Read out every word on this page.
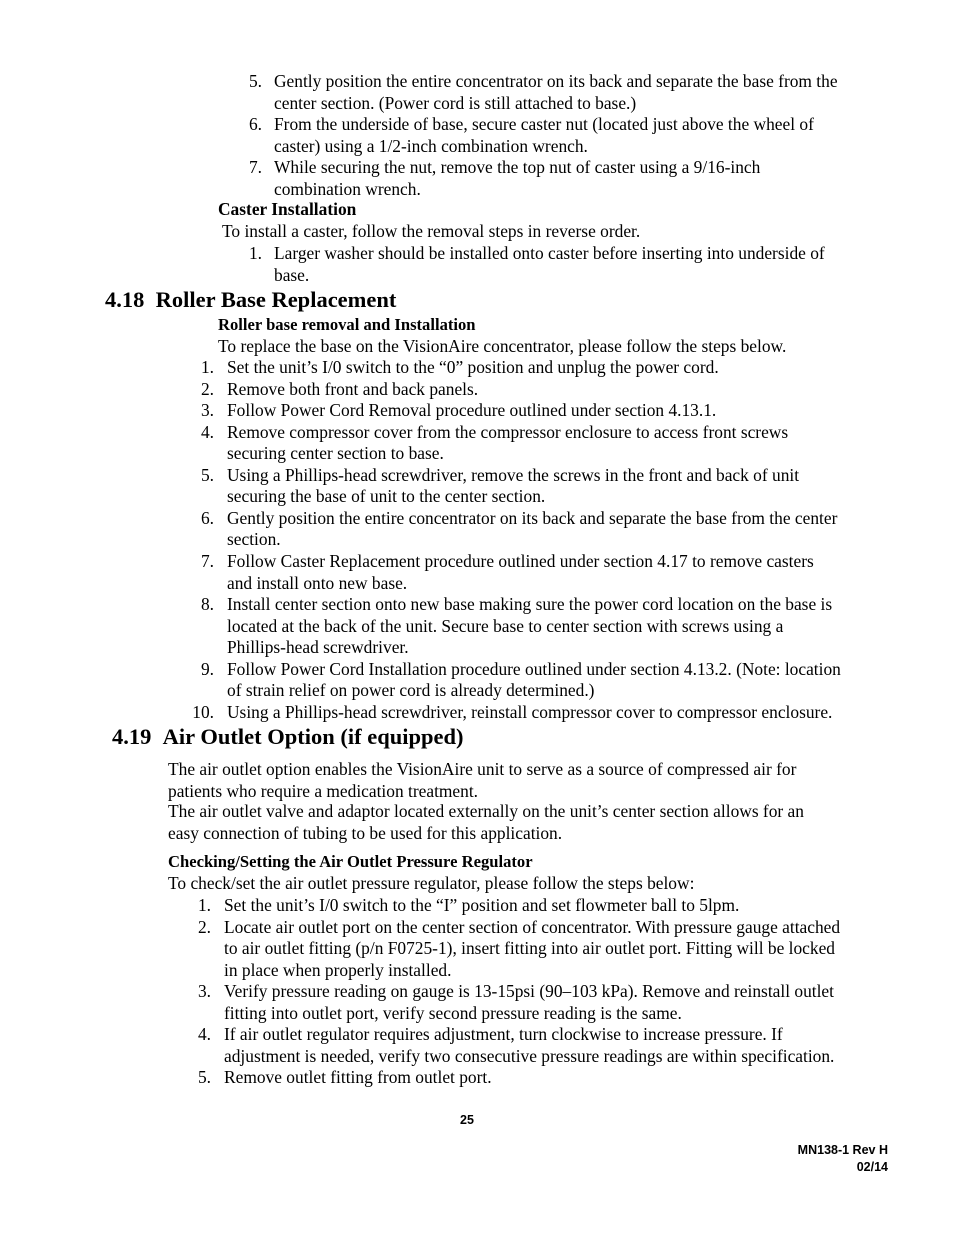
5. Gently position the entire concentrator on its back and separate the base from the
center section. (Power cord is still attached to base.)
6. From the underside of base, secure caster nut (located just above the wheel of
caster) using a 1/2-inch combination wrench.
7. While securing the nut, remove the top nut of caster using a 9/16-inch
combination wrench.

Caster Installation

To install a caster, follow the removal steps in reverse order.

1. Larger washer should be installed onto caster before inserting into underside of
base.
4.18 Roller Base Replacement

Roller base removal and Installation

To replace the base on the VisionAire concentrator, please follow the steps below.

1. Set the unit’s I/0 switch to the “0” position and unplug the power cord.
2. Remove both front and back panels.
3. Follow Power Cord Removal procedure outlined under section 4.13.1.
4. Remove compressor cover from the compressor enclosure to access front screws
securing center section to base.
5. Using a Phillips-head screwdriver, remove the screws in the front and back of unit
securing the base of unit to the center section.
6. Gently position the entire concentrator on its back and separate the base from the center
section.
7. Follow Caster Replacement procedure outlined under section 4.17 to remove casters
and install onto new base.
8. Install center section onto new base making sure the power cord location on the base is
located at the back of the unit. Secure base to center section with screws using a
Phillips-head screwdriver.
9. Follow Power Cord Installation procedure outlined under section 4.13.2. (Note: location
of strain relief on power cord is already determined.)
10. Using a Phillips-head screwdriver, reinstall compressor cover to compressor enclosure.
4.19 Air Outlet Option (if equipped)
The air outlet option enables the VisionAire unit to serve as a source of compressed air for
patients who require a medication treatment.
The air outlet valve and adaptor located externally on the unit’s center section allows for an
easy connection of tubing to be used for this application.

Checking/Setting the Air Outlet Pressure Regulator

To check/set the air outlet pressure regulator, please follow the steps below:

1. Set the unit’s I/0 switch to the “I” position and set flowmeter ball to 5lpm.
2. Locate air outlet port on the center section of concentrator. With pressure gauge attached
to air outlet fitting (p/n F0725-1), insert fitting into air outlet port. Fitting will be locked
in place when properly installed.
3. Verify pressure reading on gauge is 13-15psi (90–103 kPa). Remove and reinstall outlet
fitting into outlet port, verify second pressure reading is the same.
4. If air outlet regulator requires adjustment, turn clockwise to increase pressure. If
adjustment is needed, verify two consecutive pressure readings are within specification.
5. Remove outlet fitting from outlet port.

25

MN138-1 Rev H

02/14
